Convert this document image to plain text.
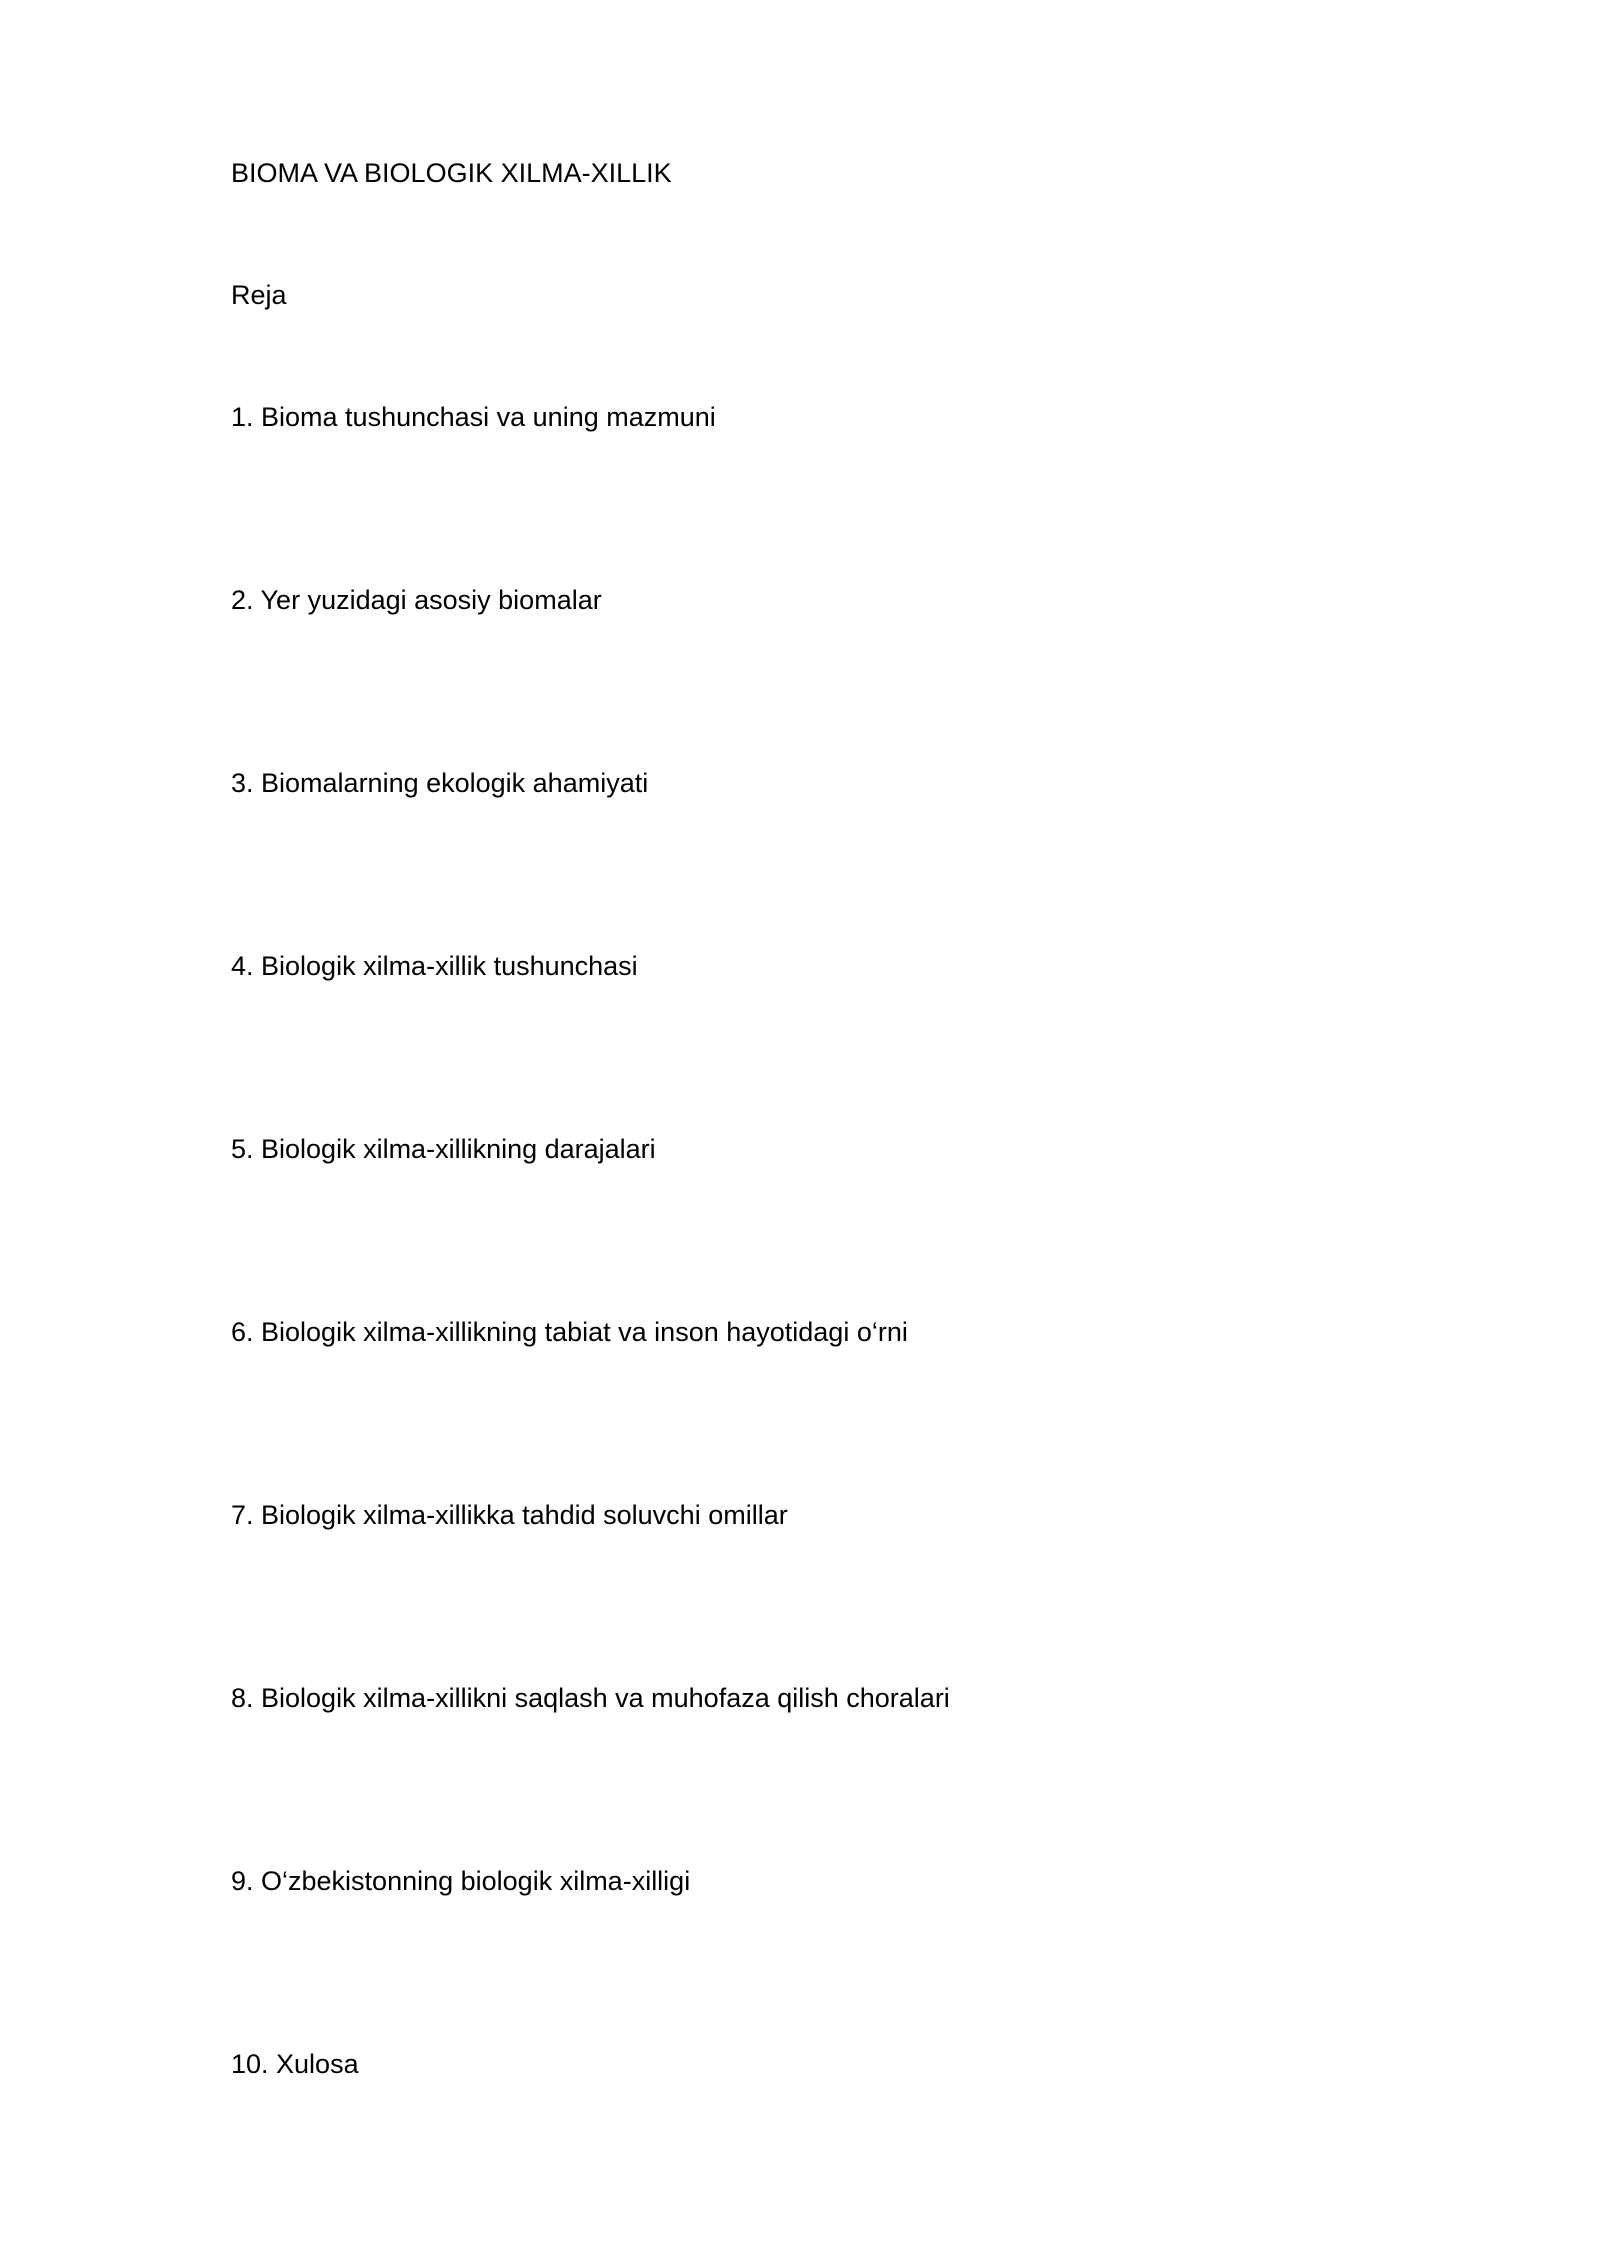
BIOMA VA BIOLOGIK XILMA-XILLIK
Reja
1. Bioma tushunchasi va uning mazmuni
2. Yer yuzidagi asosiy biomalar
3. Biomalarning ekologik ahamiyati
4. Biologik xilma-xillik tushunchasi
5. Biologik xilma-xillikning darajalari
6. Biologik xilma-xillikning tabiat va inson hayotidagi o‘rni
7. Biologik xilma-xillikka tahdid soluvchi omillar
8. Biologik xilma-xillikni saqlash va muhofaza qilish choralari
9. O‘zbekistonning biologik xilma-xilligi
10. Xulosa
